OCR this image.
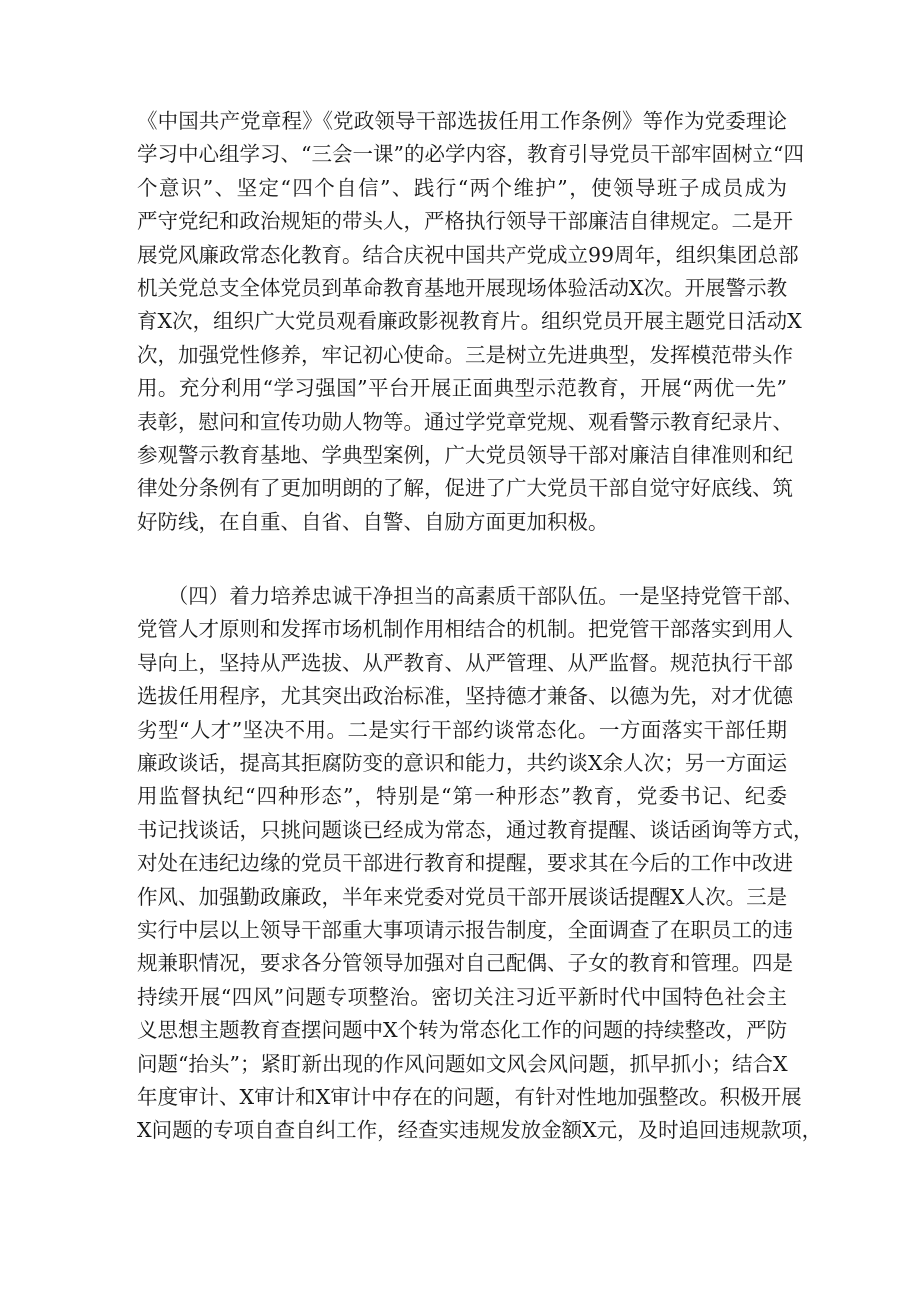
《中国共产党章程》《党政领导干部选拔任用工作条例》等作为党委理论
学习中心组学习、“三会一课”的必学内容，教育引导党员干部牢固树立“四
个意识”、坚定“四个自信”、践行“两个维护”，使领导班子成员成为
严守党纪和政治规矩的带头人，严格执行领导干部廉洁自律规定。二是开
展党风廉政常态化教育。结合庆祝中国共产党成立99周年，组织集团总部
机关党总支全体党员到革命教育基地开展现场体验活动X次。开展警示教
育X次，组织广大党员观看廉政影视教育片。组织党员开展主题党日活动X
次，加强党性修养，牢记初心使命。三是树立先进典型，发挥模范带头作
用。充分利用“学习强国”平台开展正面典型示范教育，开展“两优一先”
表彰，慰问和宣传功勋人物等。通过学党章党规、观看警示教育纪录片、
参观警示教育基地、学典型案例，广大党员领导干部对廉洁自律准则和纪
律处分条例有了更加明朗的了解，促进了广大党员干部自觉守好底线、筑
好防线，在自重、自省、自警、自励方面更加积极。
　　（四）着力培养忠诚干净担当的高素质干部队伍。一是坚持党管干部、
党管人才原则和发挥市场机制作用相结合的机制。把党管干部落实到用人
导向上，坚持从严选拔、从严教育、从严管理、从严监督。规范执行干部
选拔任用程序，尤其突出政治标准，坚持德才兼备、以德为先，对才优德
劣型“人才”坚决不用。二是实行干部约谈常态化。一方面落实干部任期
廉政谈话，提高其拒腐防变的意识和能力，共约谈X余人次；另一方面运
用监督执纪“四种形态”，特别是“第一种形态”教育，党委书记、纪委
书记找谈话，只挑问题谈已经成为常态，通过教育提醒、谈话函询等方式，
对处在违纪边缘的党员干部进行教育和提醒，要求其在今后的工作中改进
作风、加强勤政廉政，半年来党委对党员干部开展谈话提醒X人次。三是
实行中层以上领导干部重大事项请示报告制度，全面调查了在职员工的违
规兼职情况，要求各分管领导加强对自己配偶、子女的教育和管理。四是
持续开展“四风”问题专项整治。密切关注习近平新时代中国特色社会主
义思想主题教育查摆问题中X个转为常态化工作的问题的持续整改，严防
问题“抬头”；紧盯新出现的作风问题如文风会风问题，抓早抓小；结合X
年度审计、X审计和X审计中存在的问题，有针对性地加强整改。积极开展
X问题的专项自查自纠工作，经查实违规发放金额X元，及时追回违规款项，
